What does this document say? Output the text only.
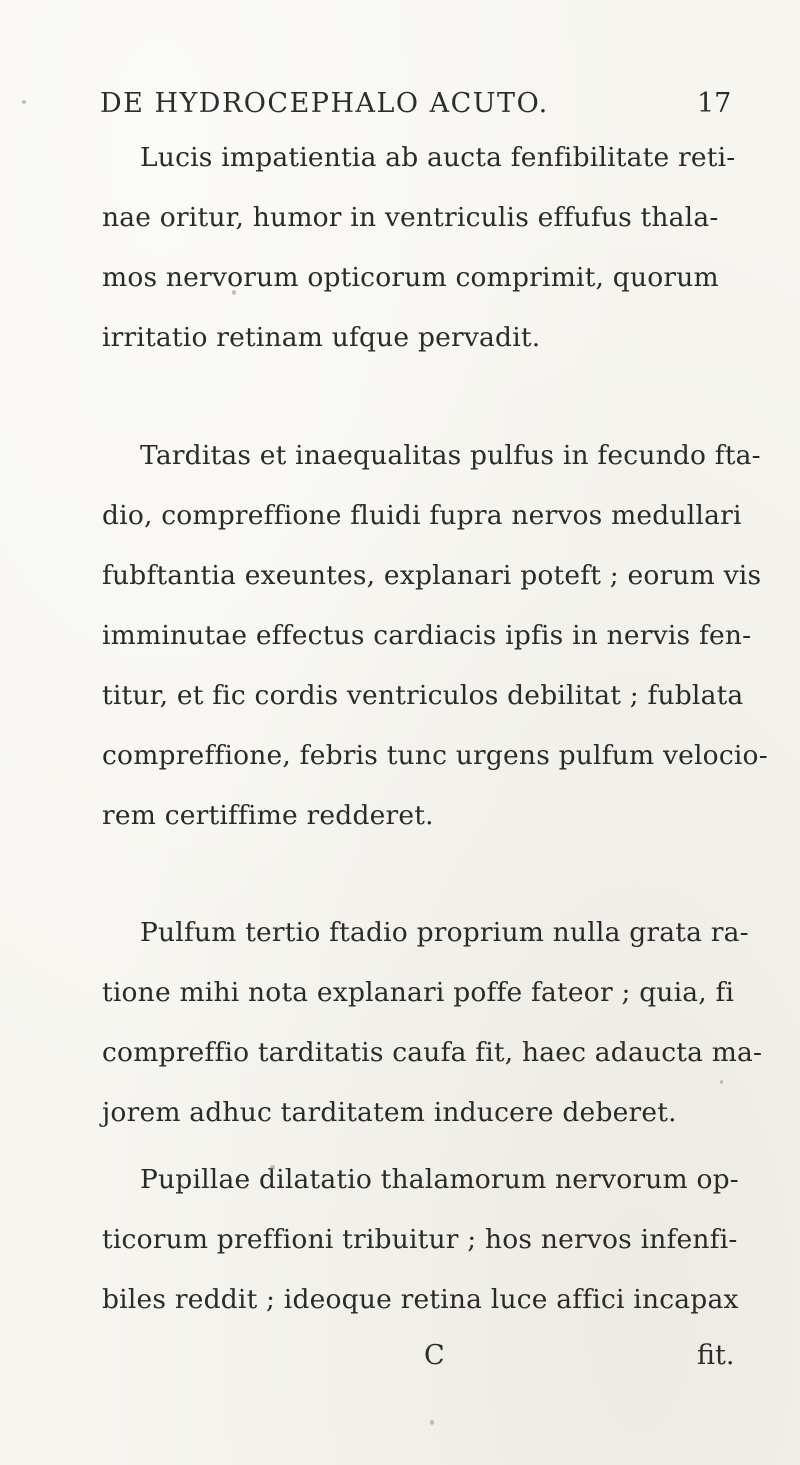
DE HYDROCEPHALO ACUTO.	17
Lucis impatientia ab aucta fenfibilitate reti-
nae oritur, humor in ventriculis effufus thala-
mos nervorum opticorum comprimit, quorum
irritatio retinam ufque pervadit.
Tarditas et inaequalitas pulfus in fecundo fta-
dio, compreffione fluidi fupra nervos medullari
fubftantia exeuntes, explanari poteft ; eorum vis
imminutae effectus cardiacis ipfis in nervis fen-
titur, et fic cordis ventriculos debilitat ; fublata
compreffione, febris tunc urgens pulfum velocio-
rem certiffime redderet.
Pulfum tertio ftadio proprium nulla grata ra-
tione mihi nota explanari poffe fateor ; quia, fi
compreffio tarditatis caufa fit, haec adaucta ma-
jorem adhuc tarditatem inducere deberet.
Pupillae dilatatio thalamorum nervorum op-
ticorum preffioni tribuitur ; hos nervos infenfi-
biles reddit ; ideoque retina luce affici incapax
C	fit.
